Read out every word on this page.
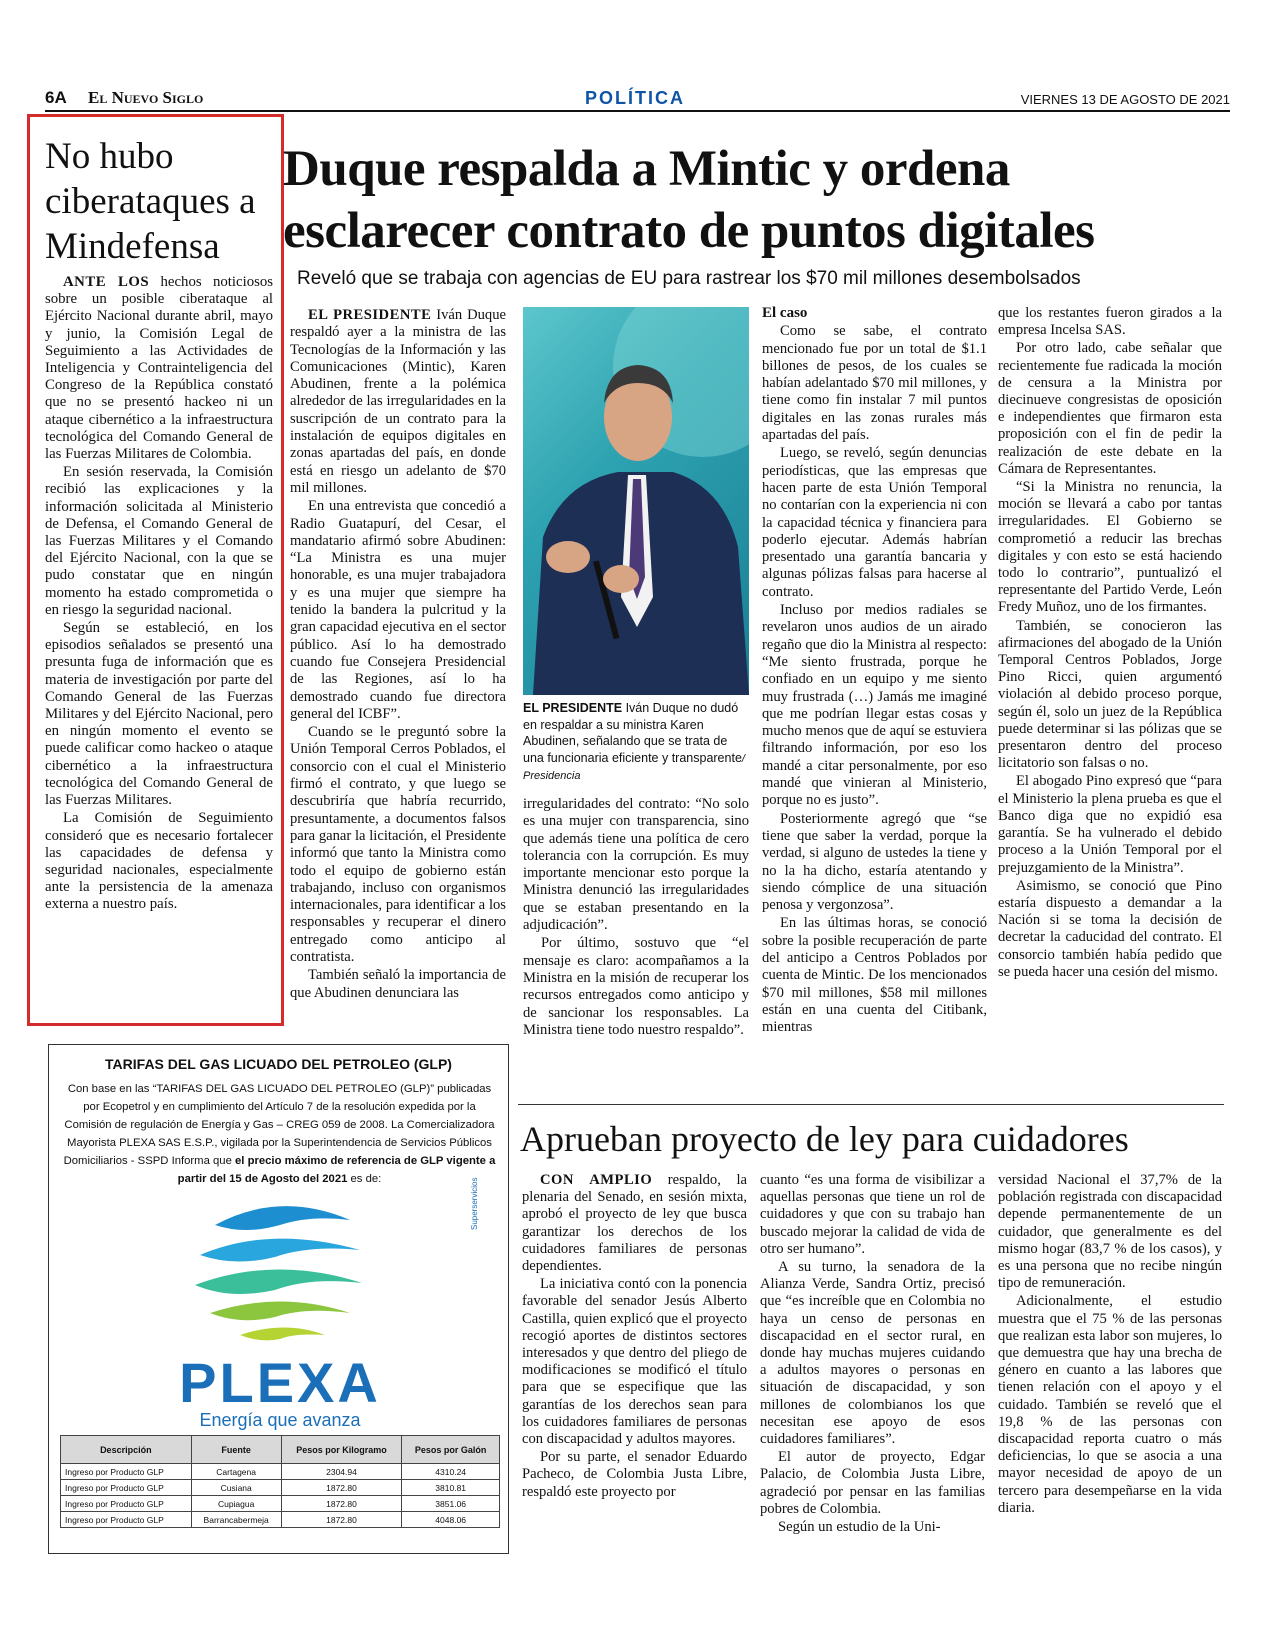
6A El Nuevo Siglo	POLÍTICA	VIERNES 13 DE AGOSTO DE 2021
No hubo ciberataques a Mindefensa

ANTE LOS hechos noticiosos sobre un posible ciberataque al Ejército Nacional durante abril, mayo y junio, la Comisión Legal de Seguimiento a las Actividades de Inteligencia y Contrainteligencia del Congreso de la República constató que no se presentó hackeo ni un ataque cibernético a la infraestructura tecnológica del Comando General de las Fuerzas Militares de Colombia.

En sesión reservada, la Comisión recibió las explicaciones y la información solicitada al Ministerio de Defensa, el Comando General de las Fuerzas Militares y el Comando del Ejército Nacional, con la que se pudo constatar que en ningún momento ha estado comprometida o en riesgo la seguridad nacional.

Según se estableció, en los episodios señalados se presentó una presunta fuga de información que es materia de investigación por parte del Comando General de las Fuerzas Militares y del Ejército Nacional, pero en ningún momento el evento se puede calificar como hackeo o ataque cibernético a la infraestructura tecnológica del Comando General de las Fuerzas Militares.

La Comisión de Seguimiento consideró que es necesario fortalecer las capacidades de defensa y seguridad nacionales, especialmente ante la persistencia de la amenaza externa a nuestro país.

Duque respalda a Mintic y ordena esclarecer contrato de puntos digitales
Reveló que se trabaja con agencias de EU para rastrear los $70 mil millones desembolsados

EL PRESIDENTE Iván Duque respaldó ayer a la ministra de las Tecnologías de la Información y las Comunicaciones (Mintic), Karen Abudinen, frente a la polémica alrededor de las irregularidades en la suscripción de un contrato para la instalación de equipos digitales en zonas apartadas del país, en donde está en riesgo un adelanto de $70 mil millones.

En una entrevista que concedió a Radio Guatapurí, del Cesar, el mandatario afirmó sobre Abudinen: “La Ministra es una mujer honorable, es una mujer trabajadora y es una mujer que siempre ha tenido la bandera la pulcritud y la gran capacidad ejecutiva en el sector público. Así lo ha demostrado cuando fue Consejera Presidencial de las Regiones, así lo ha demostrado cuando fue directora general del ICBF”.

Cuando se le preguntó sobre la Unión Temporal Cerros Poblados, el consorcio con el cual el Ministerio firmó el contrato, y que luego se descubriría que habría recurrido, presuntamente, a documentos falsos para ganar la licitación, el Presidente informó que tanto la Ministra como todo el equipo de gobierno están trabajando, incluso con organismos internacionales, para identificar a los responsables y recuperar el dinero entregado como anticipo al contratista.

También señaló la importancia de que Abudinen denunciara las

EL PRESIDENTE Iván Duque no dudó en respaldar a su ministra Karen Abudinen, señalando que se trata de una funcionaria eficiente y transparente/ Presidencia

irregularidades del contrato: “No solo es una mujer con transparencia, sino que además tiene una política de cero tolerancia con la corrupción. Es muy importante mencionar esto porque la Ministra denunció las irregularidades que se estaban presentando en la adjudicación”.

Por último, sostuvo que “el mensaje es claro: acompañamos a la Ministra en la misión de recuperar los recursos entregados como anticipo y de sancionar los responsables. La Ministra tiene todo nuestro respaldo”.

El caso

Como se sabe, el contrato mencionado fue por un total de $1.1 billones de pesos, de los cuales se habían adelantado $70 mil millones, y tiene como fin instalar 7 mil puntos digitales en las zonas rurales más apartadas del país.

Luego, se reveló, según denuncias periodísticas, que las empresas que hacen parte de esta Unión Temporal no contarían con la experiencia ni con la capacidad técnica y financiera para poderlo ejecutar. Además habrían presentado una garantía bancaria y algunas pólizas falsas para hacerse al contrato.

Incluso por medios radiales se revelaron unos audios de un airado regaño que dio la Ministra al respecto: “Me siento frustrada, porque he confiado en un equipo y me siento muy frustrada (…) Jamás me imaginé que me podrían llegar estas cosas y mucho menos que de aquí se estuviera filtrando información, por eso los mandé a citar personalmente, por eso mandé que vinieran al Ministerio, porque no es justo”.

Posteriormente agregó que “se tiene que saber la verdad, porque la verdad, si alguno de ustedes la tiene y no la ha dicho, estaría atentando y siendo cómplice de una situación penosa y vergonzosa”.

En las últimas horas, se conoció sobre la posible recuperación de parte del anticipo a Centros Poblados por cuenta de Mintic. De los mencionados $70 mil millones, $58 mil millones están en una cuenta del Citibank, mientras

que los restantes fueron girados a la empresa Incelsa SAS.

Por otro lado, cabe señalar que recientemente fue radicada la moción de censura a la Ministra por diecinueve congresistas de oposición e independientes que firmaron esta proposición con el fin de pedir la realización de este debate en la Cámara de Representantes.

“Si la Ministra no renuncia, la moción se llevará a cabo por tantas irregularidades. El Gobierno se comprometió a reducir las brechas digitales y con esto se está haciendo todo lo contrario”, puntualizó el representante del Partido Verde, León Fredy Muñoz, uno de los firmantes.

También, se conocieron las afirmaciones del abogado de la Unión Temporal Centros Poblados, Jorge Pino Ricci, quien argumentó violación al debido proceso porque, según él, solo un juez de la República puede determinar si las pólizas que se presentaron dentro del proceso licitatorio son falsas o no.

El abogado Pino expresó que “para el Ministerio la plena prueba es que el Banco diga que no expidió esa garantía. Se ha vulnerado el debido proceso a la Unión Temporal por el prejuzgamiento de la Ministra”.

Asimismo, se conoció que Pino estaría dispuesto a demandar a la Nación si se toma la decisión de decretar la caducidad del contrato. El consorcio también había pedido que se pueda hacer una cesión del mismo.

Aprueban proyecto de ley para cuidadores

CON AMPLIO respaldo, la plenaria del Senado, en sesión mixta, aprobó el proyecto de ley que busca garantizar los derechos de los cuidadores familiares de personas dependientes.

La iniciativa contó con la ponencia favorable del senador Jesús Alberto Castilla, quien explicó que el proyecto recogió aportes de distintos sectores interesados y que dentro del pliego de modificaciones se modificó el título para que se especifique que las garantías de los derechos sean para los cuidadores familiares de personas con discapacidad y adultos mayores.

Por su parte, el senador Eduardo Pacheco, de Colombia Justa Libre, respaldó este proyecto por

cuanto “es una forma de visibilizar a aquellas personas que tiene un rol de cuidadores y que con su trabajo han buscado mejorar la calidad de vida de otro ser humano”.

A su turno, la senadora de la Alianza Verde, Sandra Ortiz, precisó que “es increíble que en Colombia no haya un censo de personas en discapacidad en el sector rural, en donde hay muchas mujeres cuidando a adultos mayores o personas en situación de discapacidad, y son millones de colombianos los que necesitan ese apoyo de esos cuidadores familiares”.

El autor de proyecto, Edgar Palacio, de Colombia Justa Libre, agradeció por pensar en las familias pobres de Colombia.

Según un estudio de la Uni-

versidad Nacional el 37,7% de la población registrada con discapacidad depende permanentemente de un cuidador, que generalmente es del mismo hogar (83,7 % de los casos), y es una persona que no recibe ningún tipo de remuneración.

Adicionalmente, el estudio muestra que el 75 % de las personas que realizan esta labor son mujeres, lo que demuestra que hay una brecha de género en cuanto a las labores que tienen relación con el apoyo y el cuidado. También se reveló que el 19,8 % de las personas con discapacidad reporta cuatro o más deficiencias, lo que se asocia a una mayor necesidad de apoyo de un tercero para desempeñarse en la vida diaria.

TARIFAS DEL GAS LICUADO DEL PETROLEO (GLP)
Con base en las “TARIFAS DEL GAS LICUADO DEL PETROLEO (GLP)” publicadas por Ecopetrol y en cumplimiento del Artículo 7 de la resolución expedida por la Comisión de regulación de Energía y Gas – CREG 059 de 2008. La Comercializadora Mayorista PLEXA SAS E.S.P., vigilada por la Superintendencia de Servicios Públicos Domiciliarios - SSPD Informa que el precio máximo de referencia de GLP vigente a partir del 15 de Agosto del 2021 es de:
PLEXA
Energía que avanza
Superservicios
Descripción	Fuente	Pesos por Kilogramo	Pesos por Galón
Ingreso por Producto GLP	Cartagena	2304.94	4310.24
Ingreso por Producto GLP	Cusiana	1872.80	3810.81
Ingreso por Producto GLP	Cupiagua	1872.80	3851.06
Ingreso por Producto GLP	Barrancabermeja	1872.80	4048.06
